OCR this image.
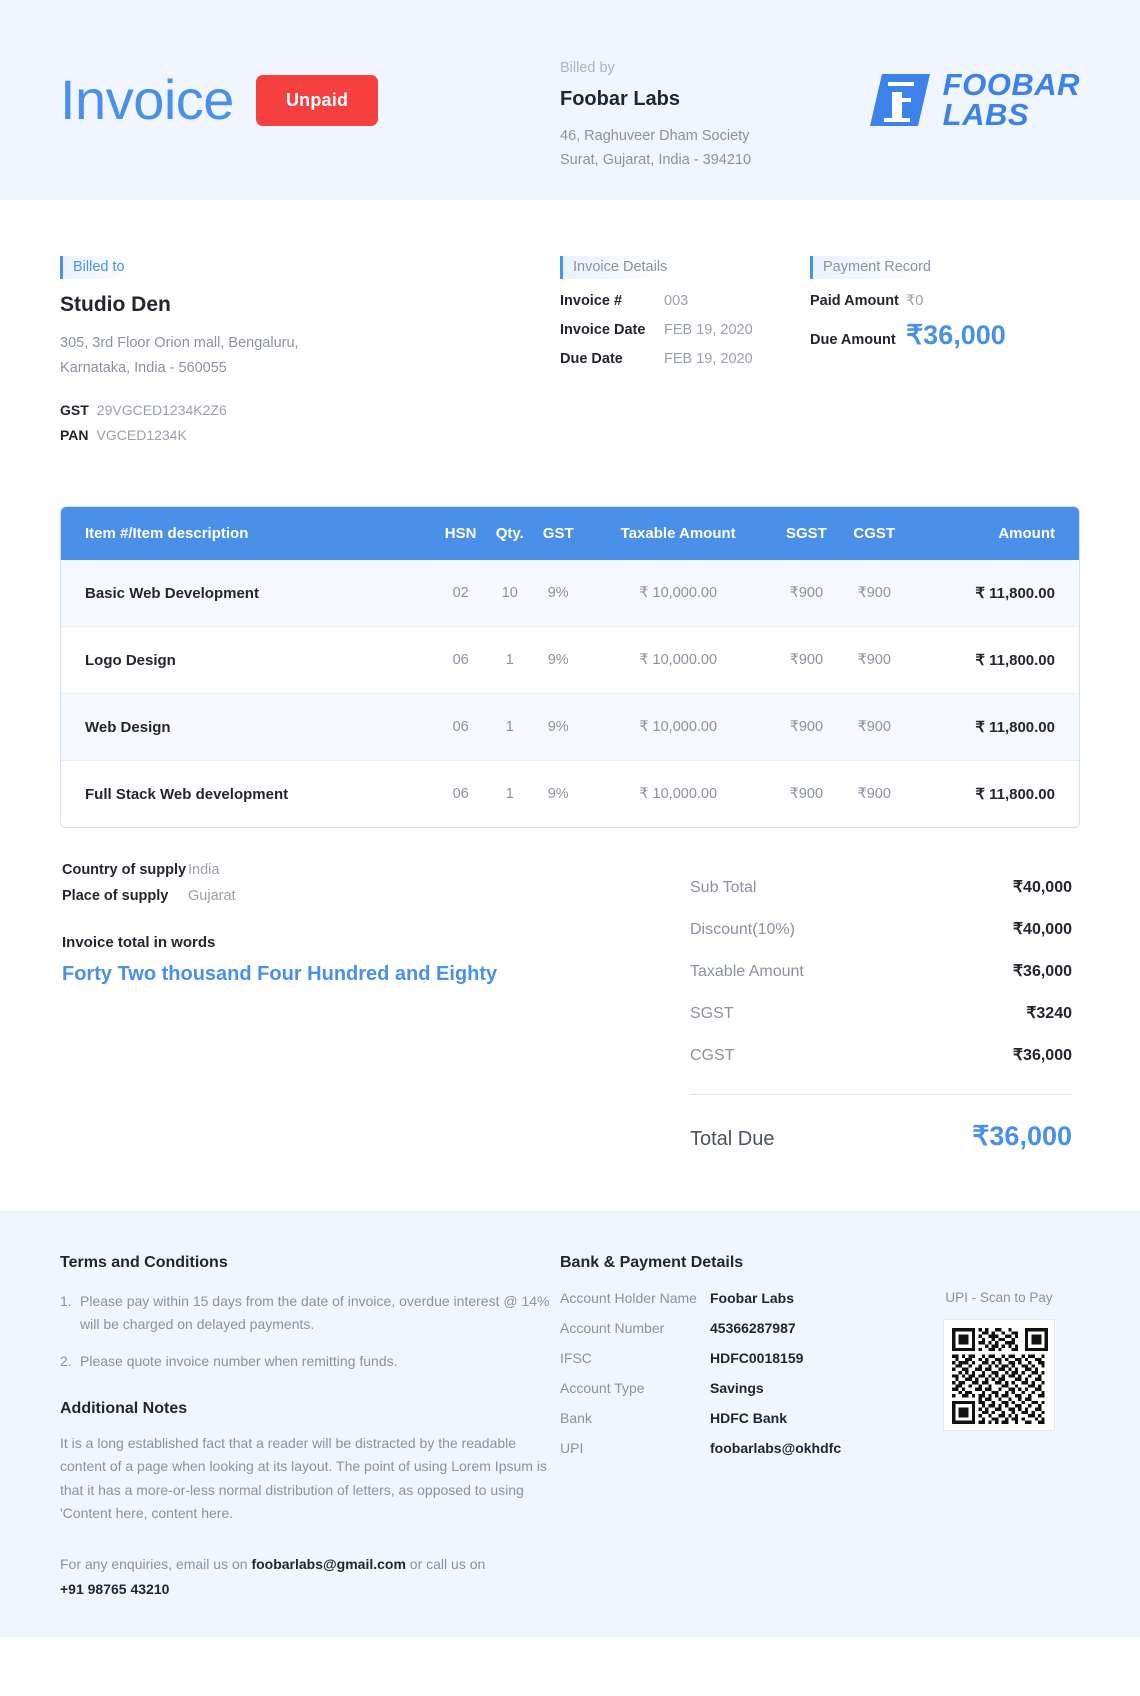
Invoice	Unpaid
Billed by
Foobar Labs
46, Raghuveer Dham Society
Surat, Gujarat, India - 394210
FOOBAR
LABS
Billed to
Studio Den
305, 3rd Floor Orion mall, Bengaluru,
Karnataka, India - 560055
GST 29VGCED1234K2Z6
PAN VGCED1234K
Invoice Details
Invoice #	003
Invoice Date	FEB 19, 2020
Due Date	FEB 19, 2020
Payment Record
Paid Amount ₹0
Due Amount ₹36,000
Item #/Item description	HSN	Qty.	GST	Taxable Amount	SGST	CGST	Amount
Basic Web Development	02	10	9%	₹ 10,000.00	₹900	₹900	₹ 11,800.00
Logo Design	06	1	9%	₹ 10,000.00	₹900	₹900	₹ 11,800.00
Web Design	06	1	9%	₹ 10,000.00	₹900	₹900	₹ 11,800.00
Full Stack Web development	06	1	9%	₹ 10,000.00	₹900	₹900	₹ 11,800.00
Country of supply India
Place of supply	Gujarat
Invoice total in words
Forty Two thousand Four Hundred and Eighty
Sub Total	₹40,000
Discount(10%)	₹40,000
Taxable Amount	₹36,000
SGST	₹3240
CGST	₹36,000
Total Due	₹36,000
Terms and Conditions
1. Please pay within 15 days from the date of invoice, overdue interest @ 14% will be charged on delayed payments.
2. Please quote invoice number when remitting funds.
Additional Notes
It is a long established fact that a reader will be distracted by the readable content of a page when looking at its layout. The point of using Lorem Ipsum is that it has a more-or-less normal distribution of letters, as opposed to using 'Content here, content here.
For any enquiries, email us on foobarlabs@gmail.com or call us on
+91 98765 43210
Bank & Payment Details
Account Holder Name Foobar Labs
Account Number	45366287987
IFSC	HDFC0018159
Account Type	Savings
Bank	HDFC Bank
UPI	foobarlabs@okhdfc
UPI - Scan to Pay
